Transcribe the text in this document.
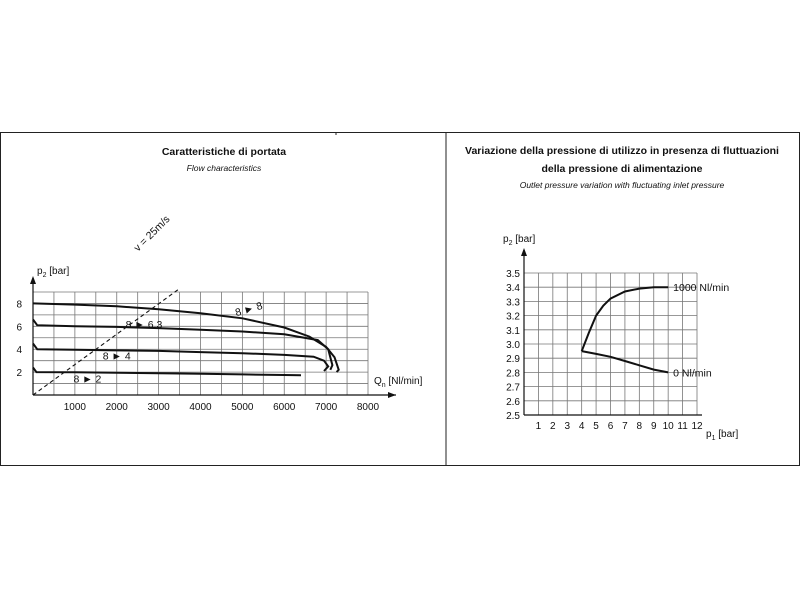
Caratteristiche di portata
Flow characteristics
1000 2000 3000 4000 5000 6000 7000 8000
2
4
6
8	8 ► 8
8 ► 6.3
8 ► 4
8 ► 2
$p_2$ [bar]
$Q_n$ [Nl/min]
v = 25m/s
Variazione della pressione di utilizzo in presenza di fluttuazioni
della pressione di alimentazione
Outlet pressure variation with fluctuating inlet pressure
1 2 3 4 5 6 7 8 9 10 11 12
2.5
2.6
2.7
2.8
2.9
3.0
3.1
3.2
3.3
3.4
3.5
1000 Nl/min
0 Nl/min
$p_2$ [bar]
$p_1$ [bar]
